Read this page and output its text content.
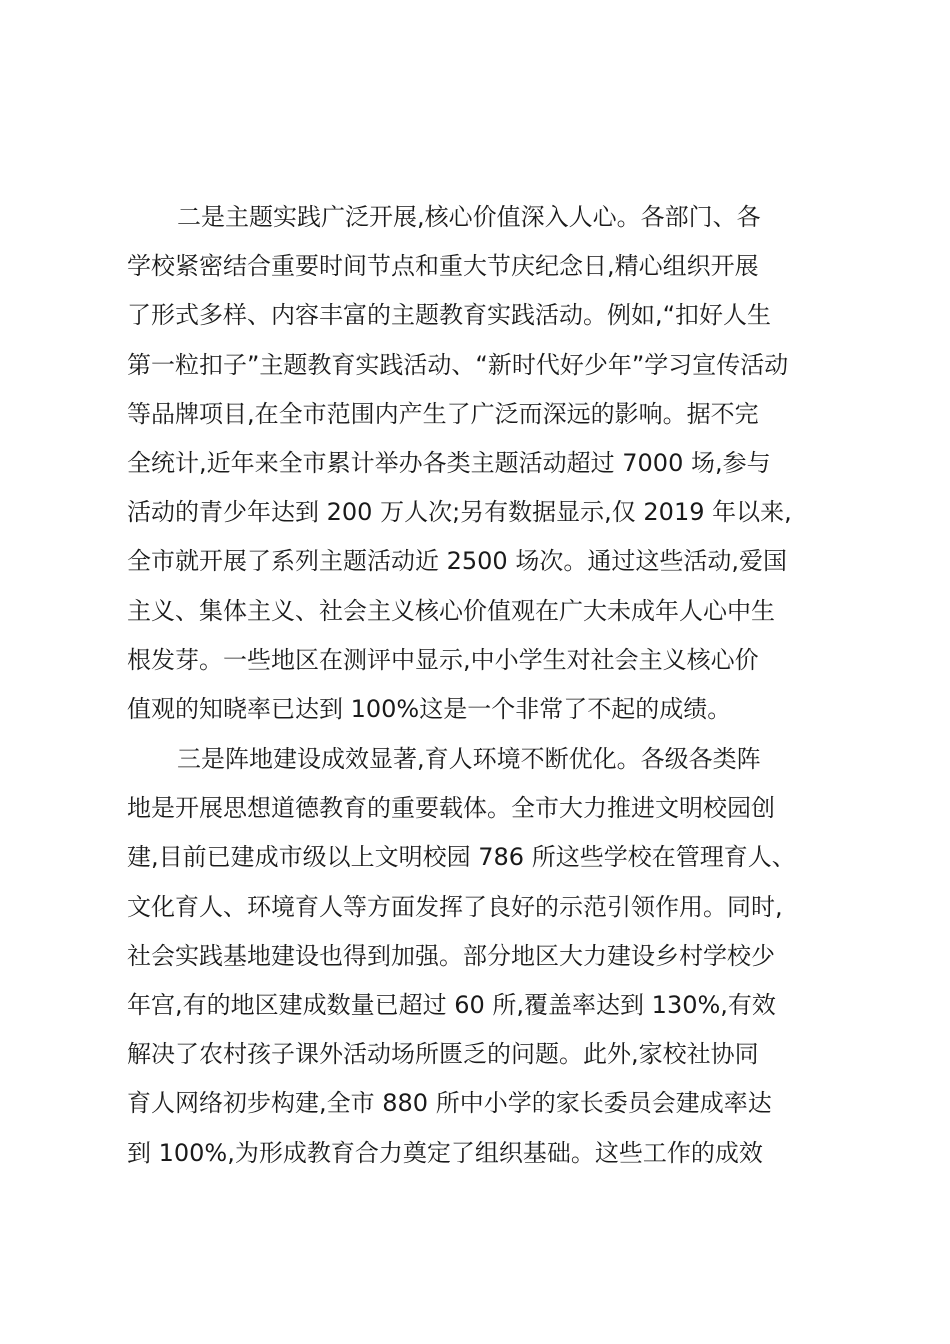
二是主题实践广泛开展,核心价值深入人心。各部门、各
学校紧密结合重要时间节点和重大节庆纪念日,精心组织开展
了形式多样、内容丰富的主题教育实践活动。例如,“扣好人生
第一粒扣子”主题教育实践活动、“新时代好少年”学习宣传活动
等品牌项目,在全市范围内产生了广泛而深远的影响。据不完
全统计,近年来全市累计举办各类主题活动超过 7000 场,参与
活动的青少年达到 200 万人次;另有数据显示,仅 2019 年以来,
全市就开展了系列主题活动近 2500 场次。通过这些活动,爱国
主义、集体主义、社会主义核心价值观在广大未成年人心中生
根发芽。一些地区在测评中显示,中小学生对社会主义核心价
值观的知晓率已达到 100%这是一个非常了不起的成绩。
三是阵地建设成效显著,育人环境不断优化。各级各类阵
地是开展思想道德教育的重要载体。全市大力推进文明校园创
建,目前已建成市级以上文明校园 786 所这些学校在管理育人、
文化育人、环境育人等方面发挥了良好的示范引领作用。同时,
社会实践基地建设也得到加强。部分地区大力建设乡村学校少
年宫,有的地区建成数量已超过 60 所,覆盖率达到 130%,有效
解决了农村孩子课外活动场所匮乏的问题。此外,家校社协同
育人网络初步构建,全市 880 所中小学的家长委员会建成率达
到 100%,为形成教育合力奠定了组织基础。这些工作的成效
